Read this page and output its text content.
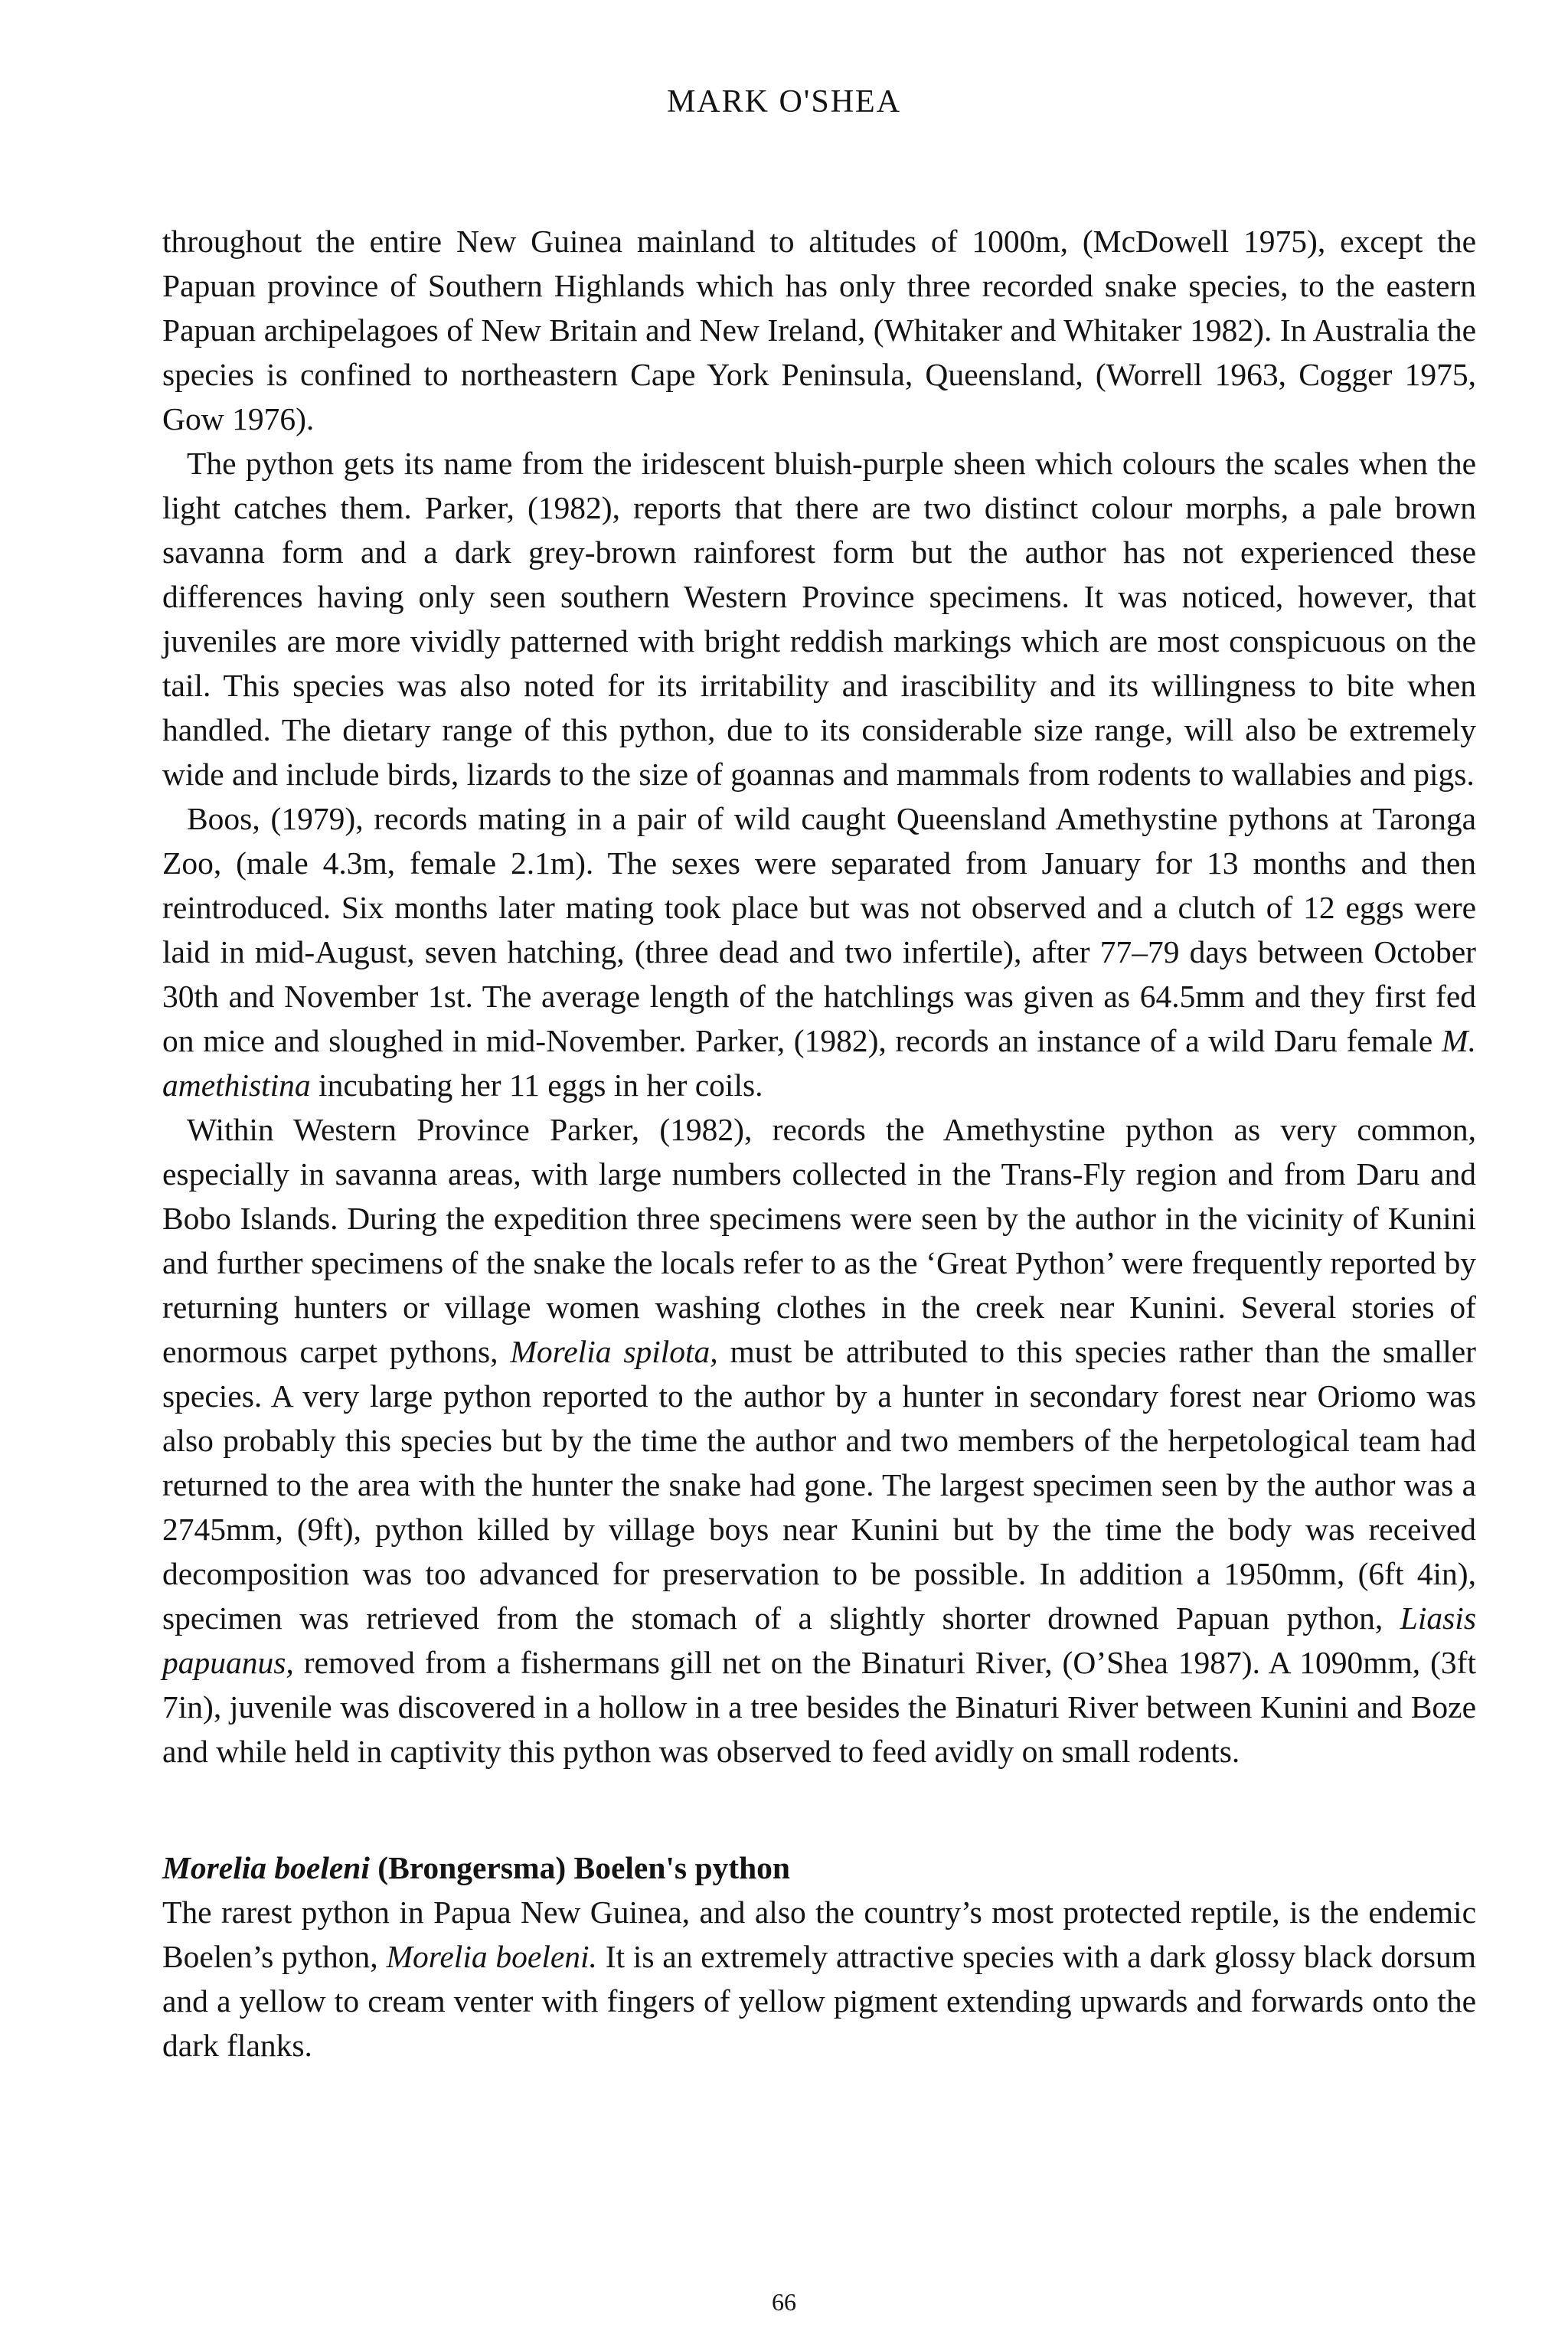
MARK O'SHEA

throughout the entire New Guinea mainland to altitudes of 1000m, (McDowell 1975), except the Papuan province of Southern Highlands which has only three recorded snake species, to the eastern Papuan archipelagoes of New Britain and New Ireland, (Whitaker and Whitaker 1982). In Australia the species is confined to northeastern Cape York Peninsula, Queensland, (Worrell 1963, Cogger 1975, Gow 1976).

The python gets its name from the iridescent bluish-purple sheen which colours the scales when the light catches them. Parker, (1982), reports that there are two distinct colour morphs, a pale brown savanna form and a dark grey-brown rainforest form but the author has not experienced these differences having only seen southern Western Province specimens. It was noticed, however, that juveniles are more vividly patterned with bright reddish markings which are most conspicuous on the tail. This species was also noted for its irritability and irascibility and its willingness to bite when handled. The dietary range of this python, due to its considerable size range, will also be extremely wide and include birds, lizards to the size of goannas and mammals from rodents to wallabies and pigs.

Boos, (1979), records mating in a pair of wild caught Queensland Amethystine pythons at Taronga Zoo, (male 4.3m, female 2.1m). The sexes were separated from January for 13 months and then reintroduced. Six months later mating took place but was not observed and a clutch of 12 eggs were laid in mid-August, seven hatching, (three dead and two infertile), after 77–79 days between October 30th and November 1st. The average length of the hatchlings was given as 64.5mm and they first fed on mice and sloughed in mid-November. Parker, (1982), records an instance of a wild Daru female M. amethistina incubating her 11 eggs in her coils.

Within Western Province Parker, (1982), records the Amethystine python as very common, especially in savanna areas, with large numbers collected in the Trans-Fly region and from Daru and Bobo Islands. During the expedition three specimens were seen by the author in the vicinity of Kunini and further specimens of the snake the locals refer to as the ‘Great Python’ were frequently reported by returning hunters or village women washing clothes in the creek near Kunini. Several stories of enormous carpet pythons, Morelia spilota, must be attributed to this species rather than the smaller species. A very large python reported to the author by a hunter in secondary forest near Oriomo was also probably this species but by the time the author and two members of the herpetological team had returned to the area with the hunter the snake had gone. The largest specimen seen by the author was a 2745mm, (9ft), python killed by village boys near Kunini but by the time the body was received decomposition was too advanced for preservation to be possible. In addition a 1950mm, (6ft 4in), specimen was retrieved from the stomach of a slightly shorter drowned Papuan python, Liasis papuanus, removed from a fishermans gill net on the Binaturi River, (O’Shea 1987). A 1090mm, (3ft 7in), juvenile was discovered in a hollow in a tree besides the Binaturi River between Kunini and Boze and while held in captivity this python was observed to feed avidly on small rodents.

Morelia boeleni (Brongersma) Boelen's python

The rarest python in Papua New Guinea, and also the country’s most protected reptile, is the endemic Boelen’s python, Morelia boeleni. It is an extremely attractive species with a dark glossy black dorsum and a yellow to cream venter with fingers of yellow pigment extending upwards and forwards onto the dark flanks.

66
